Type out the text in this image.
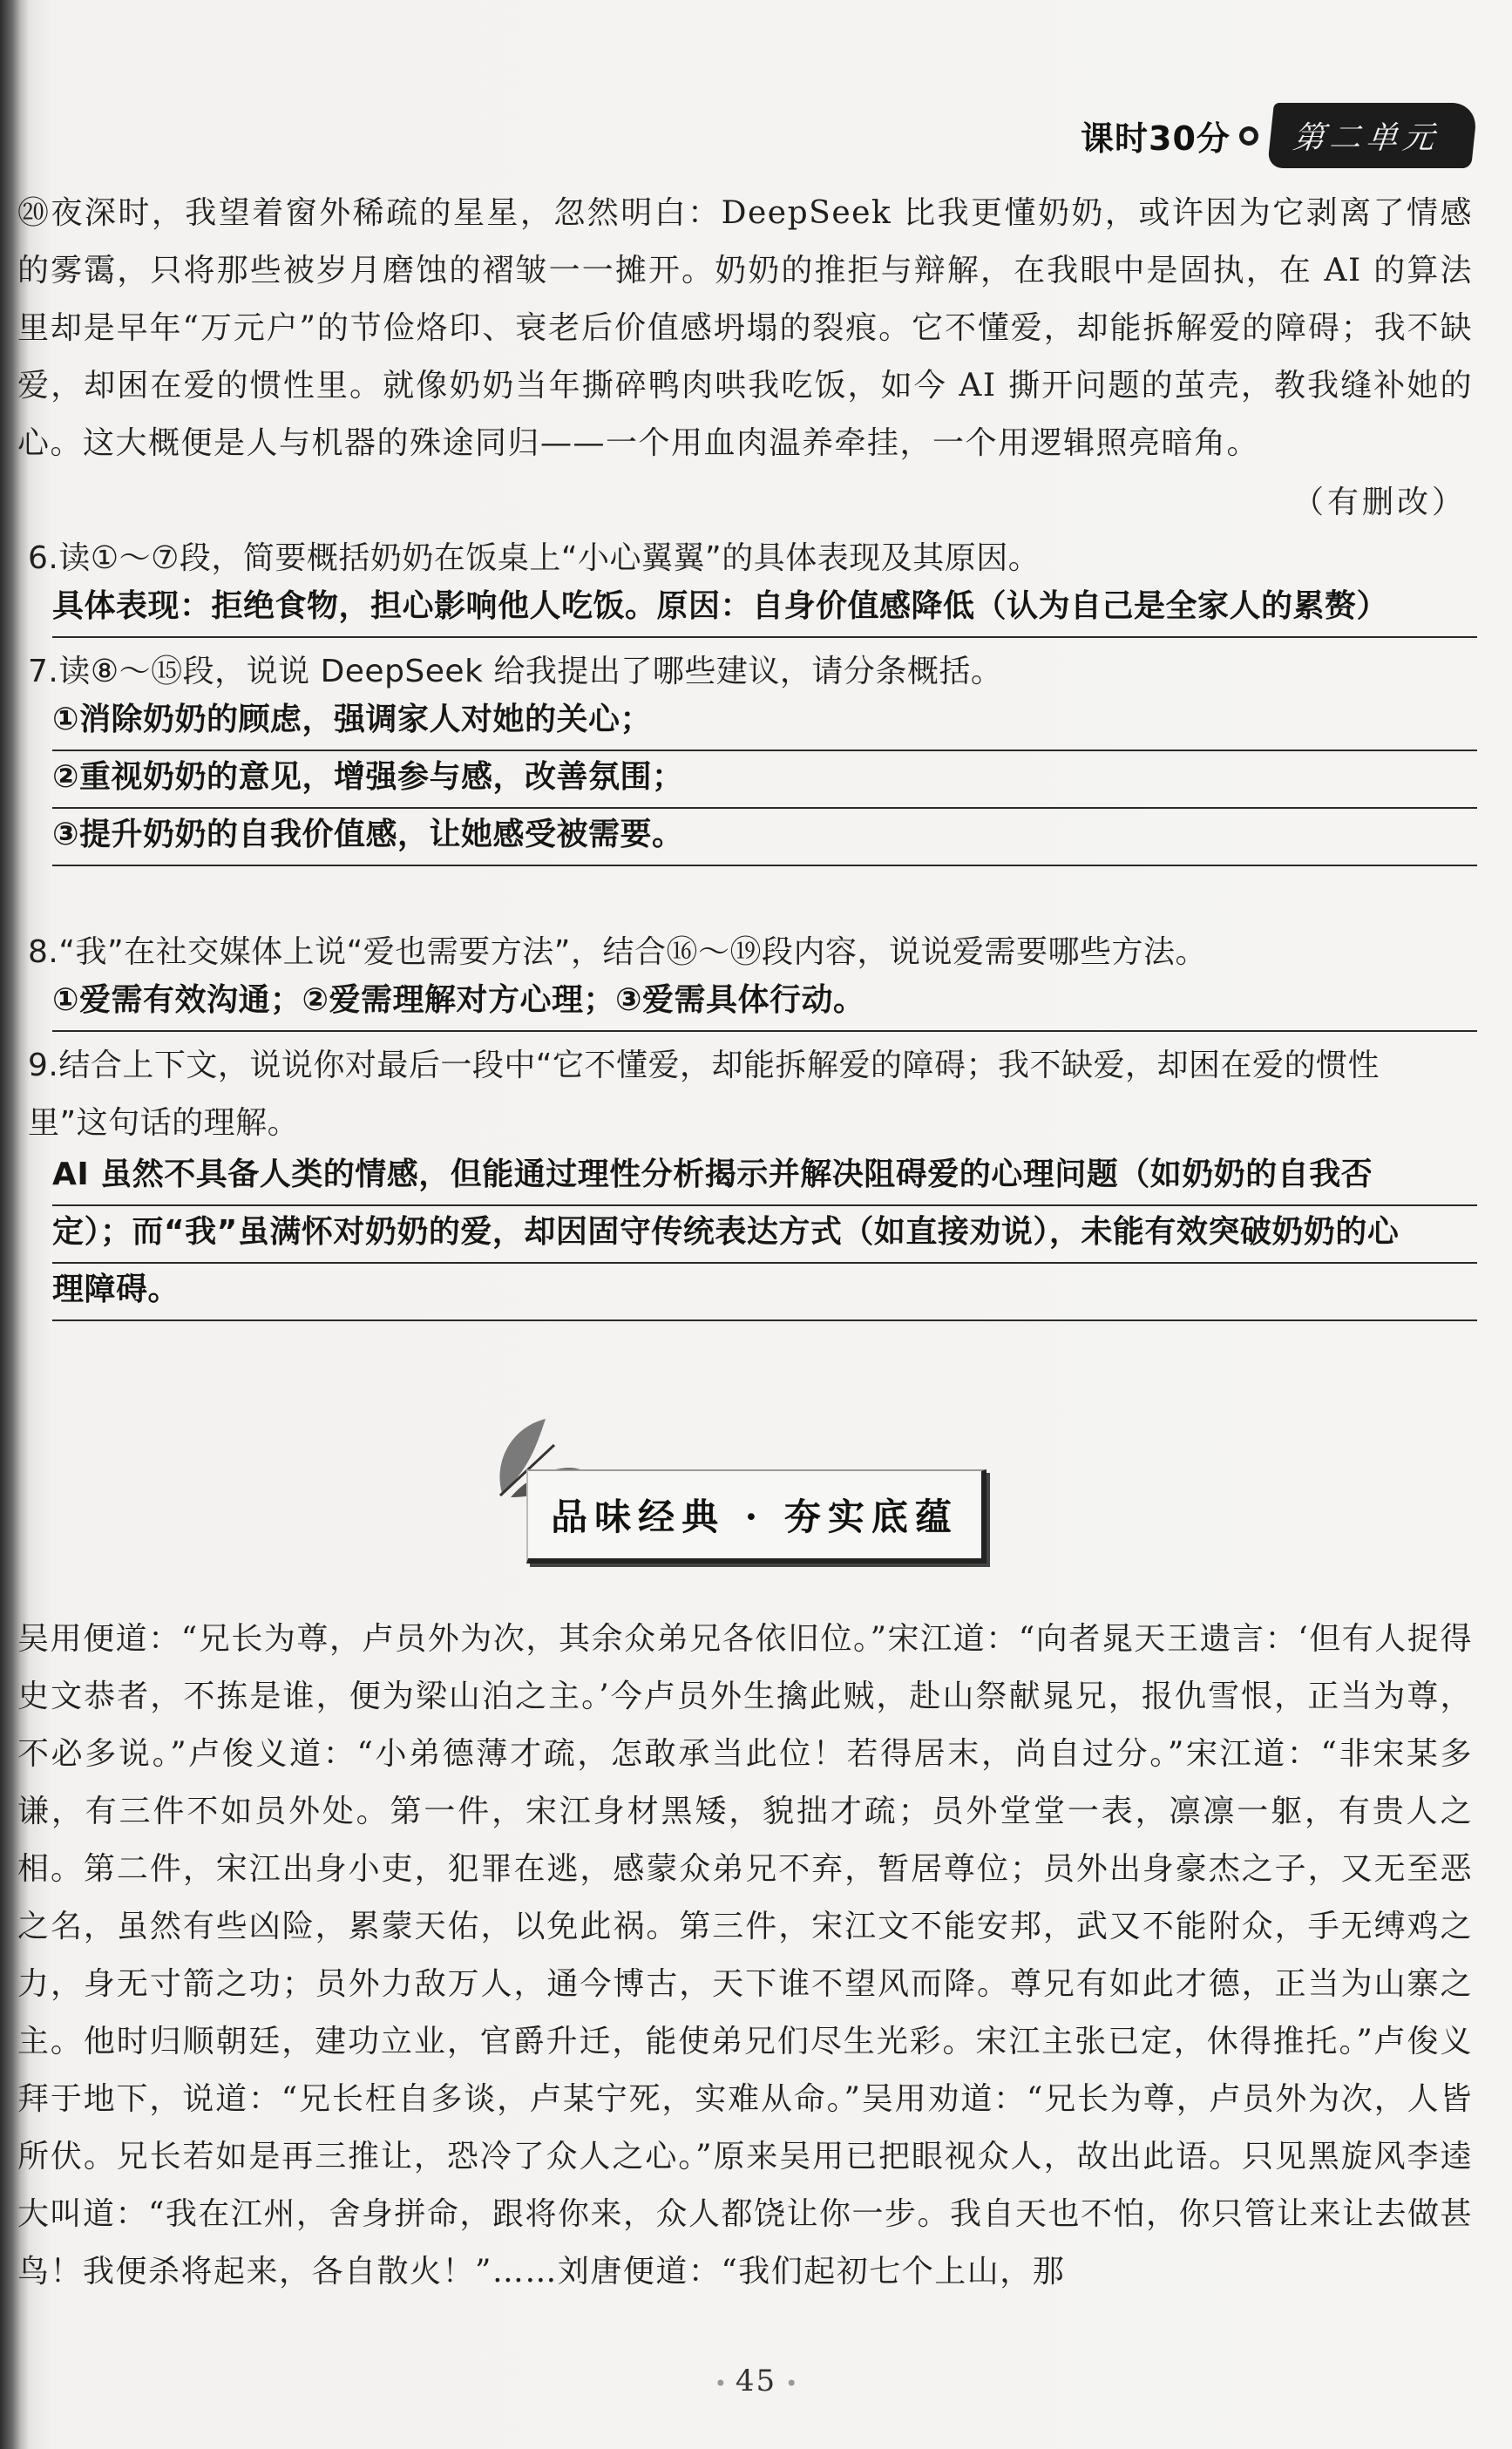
课时30分	第二单元

⑳夜深时，我望着窗外稀疏的星星，忽然明白：DeepSeek 比我更懂奶奶，或许因为它剥离了情感的雾霭，只将那些被岁月磨蚀的褶皱一一摊开。奶奶的推拒与辩解，在我眼中是固执，在 AI 的算法里却是早年“万元户”的节俭烙印、衰老后价值感坍塌的裂痕。它不懂爱，却能拆解爱的障碍；我不缺爱，却困在爱的惯性里。就像奶奶当年撕碎鸭肉哄我吃饭，如今 AI 撕开问题的茧壳，教我缝补她的心。这大概便是人与机器的殊途同归——一个用血肉温养牵挂，一个用逻辑照亮暗角。

（有删改）
6.读①～⑦段，简要概括奶奶在饭桌上“小心翼翼”的具体表现及其原因。
具体表现：拒绝食物，担心影响他人吃饭。原因：自身价值感降低（认为自己是全家人的累赘）
7.读⑧～⑮段，说说 DeepSeek 给我提出了哪些建议，请分条概括。
①消除奶奶的顾虑，强调家人对她的关心；
②重视奶奶的意见，增强参与感，改善氛围；
③提升奶奶的自我价值感，让她感受被需要。
8.“我”在社交媒体上说“爱也需要方法”，结合⑯～⑲段内容，说说爱需要哪些方法。
①爱需有效沟通；②爱需理解对方心理；③爱需具体行动。
9.结合上下文，说说你对最后一段中“它不懂爱，却能拆解爱的障碍；我不缺爱，却困在爱的惯性
里”这句话的理解。
AI 虽然不具备人类的情感，但能通过理性分析揭示并解决阻碍爱的心理问题（如奶奶的自我否
定）；而“我”虽满怀对奶奶的爱，却因固守传统表达方式（如直接劝说），未能有效突破奶奶的心
理障碍。
品味经典 · 夯实底蕴

吴用便道：“兄长为尊，卢员外为次，其余众弟兄各依旧位。”宋江道：“向者晁天王遗言：‘但有人捉得史文恭者，不拣是谁，便为梁山泊之主。’今卢员外生擒此贼，赴山祭献晁兄，报仇雪恨，正当为尊，不必多说。”卢俊义道：“小弟德薄才疏，怎敢承当此位！若得居末，尚自过分。”宋江道：“非宋某多谦，有三件不如员外处。第一件，宋江身材黑矮，貌拙才疏；员外堂堂一表，凛凛一躯，有贵人之相。第二件，宋江出身小吏，犯罪在逃，感蒙众弟兄不弃，暂居尊位；员外出身豪杰之子，又无至恶之名，虽然有些凶险，累蒙天佑，以免此祸。第三件，宋江文不能安邦，武又不能附众，手无缚鸡之力，身无寸箭之功；员外力敌万人，通今博古，天下谁不望风而降。尊兄有如此才德，正当为山寨之主。他时归顺朝廷，建功立业，官爵升迁，能使弟兄们尽生光彩。宋江主张已定，休得推托。”卢俊义拜于地下，说道：“兄长枉自多谈，卢某宁死，实难从命。”吴用劝道：“兄长为尊，卢员外为次，人皆所伏。兄长若如是再三推让，恐冷了众人之心。”原来吴用已把眼视众人，故出此语。只见黑旋风李逵大叫道：“我在江州，舍身拼命，跟将你来，众人都饶让你一步。我自天也不怕，你只管让来让去做甚鸟！我便杀将起来，各自散火！”……刘唐便道：“我们起初七个上山，那

• 45 •
